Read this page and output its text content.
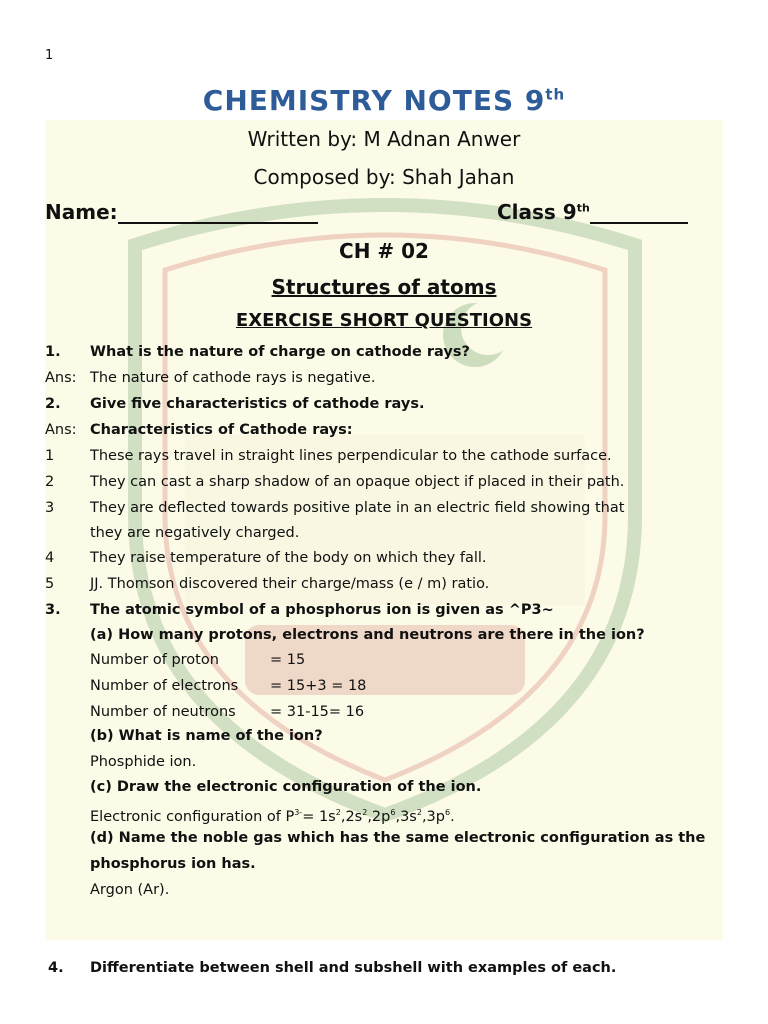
1
CHEMISTRY NOTES 9th
Written by: M Adnan Anwer
Composed by: Shah Jahan
Name:	Class 9th
CH # 02
Structures of atoms
EXERCISE SHORT QUESTIONS
1. What is the nature of charge on cathode rays?
Ans: The nature of cathode rays is negative.
2. Give five characteristics of cathode rays.
Ans: Characteristics of Cathode rays:
1 These rays travel in straight lines perpendicular to the cathode surface.
2 They can cast a sharp shadow of an opaque object if placed in their path.
3 They are deflected towards positive plate in an electric field showing that
they are negatively charged.
4 They raise temperature of the body on which they fall.
5 JJ. Thomson discovered their charge/mass (e / m) ratio.
3. The atomic symbol of a phosphorus ion is given as ^P3~
(a) How many protons, electrons and neutrons are there in the ion?
Number of proton	= 15
Number of electrons = 15+3 = 18
Number of neutrons = 31-15= 16
(b) What is name of the ion?
Phosphide ion.
(c) Draw the electronic configuration of the ion.
Electronic configuration of $P^{3-}= 1s^2,2s^2,2p^6,3s^2,3p^6$.
(d) Name the noble gas which has the same electronic configuration as the
phosphorus ion has.
Argon (Ar).
4. Differentiate between shell and subshell with examples of each.
